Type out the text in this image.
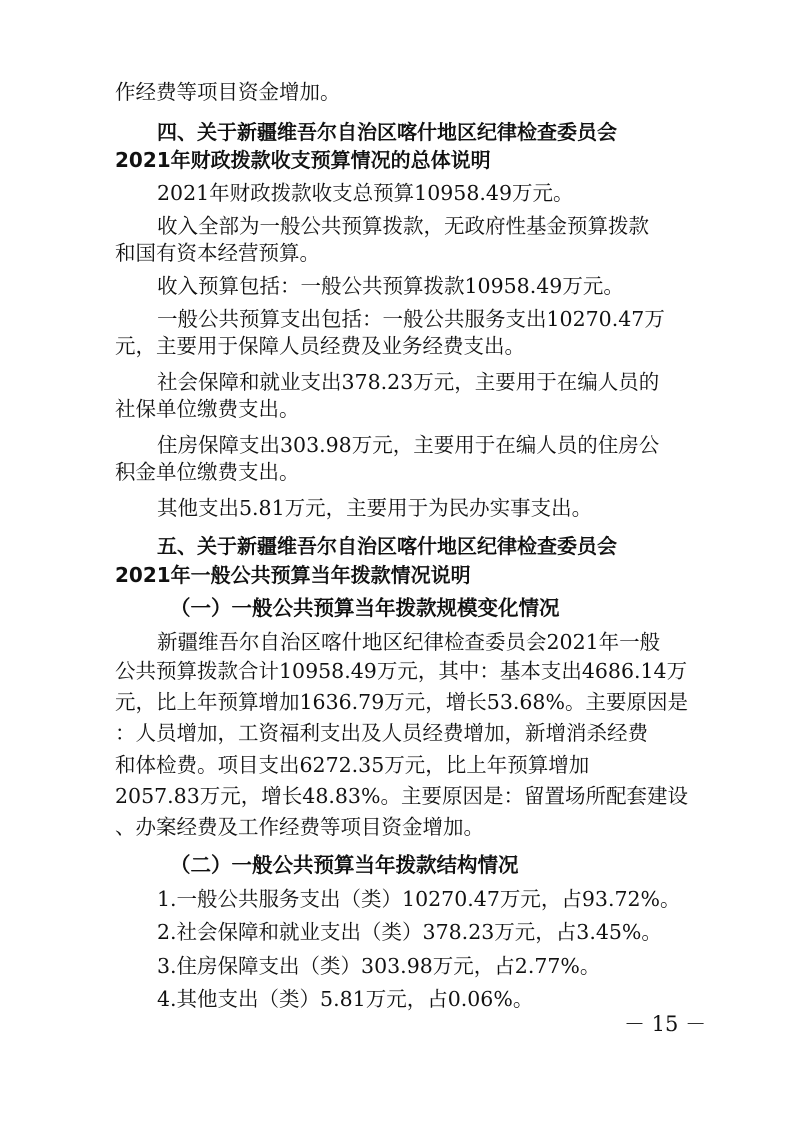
作经费等项目资金增加。
四、关于新疆维吾尔自治区喀什地区纪律检查委员会
2021年财政拨款收支预算情况的总体说明
2021年财政拨款收支总预算10958.49万元。
收入全部为一般公共预算拨款，无政府性基金预算拨款
和国有资本经营预算。
收入预算包括：一般公共预算拨款10958.49万元。
一般公共预算支出包括：一般公共服务支出10270.47万
元，主要用于保障人员经费及业务经费支出。
社会保障和就业支出378.23万元，主要用于在编人员的
社保单位缴费支出。
住房保障支出303.98万元，主要用于在编人员的住房公
积金单位缴费支出。
其他支出5.81万元，主要用于为民办实事支出。
五、关于新疆维吾尔自治区喀什地区纪律检查委员会
2021年一般公共预算当年拨款情况说明
（一）一般公共预算当年拨款规模变化情况
新疆维吾尔自治区喀什地区纪律检查委员会2021年一般
公共预算拨款合计10958.49万元，其中：基本支出4686.14万
元，比上年预算增加1636.79万元，增长53.68%。主要原因是
：人员增加，工资福利支出及人员经费增加，新增消杀经费
和体检费。项目支出6272.35万元，比上年预算增加
2057.83万元，增长48.83%。主要原因是：留置场所配套建设
、办案经费及工作经费等项目资金增加。
（二）一般公共预算当年拨款结构情况
1.一般公共服务支出（类）10270.47万元，占93.72%。
2.社会保障和就业支出（类）378.23万元，占3.45%。
3.住房保障支出（类）303.98万元，占2.77%。
4.其他支出（类）5.81万元，占0.06%。
－ 15 －
